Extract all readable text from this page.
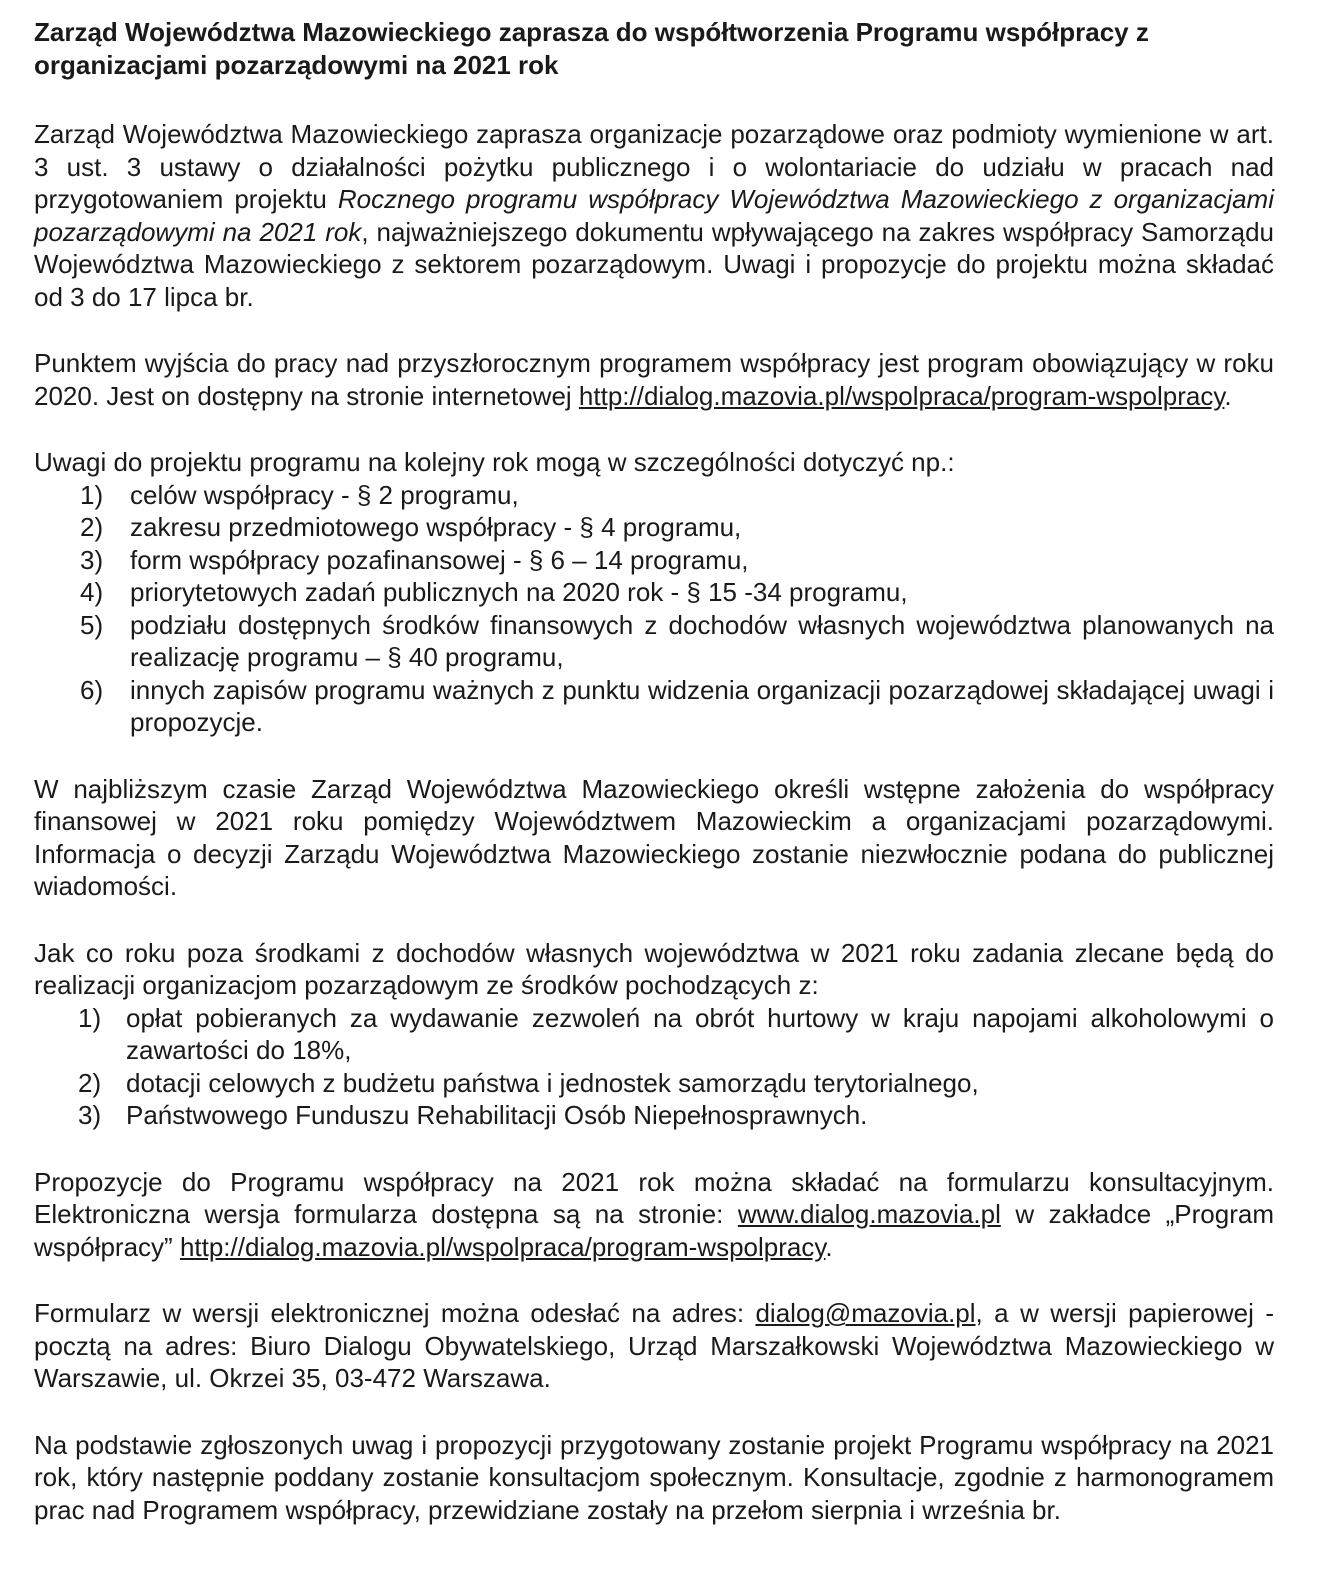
Zarząd Województwa Mazowieckiego zaprasza do współtworzenia Programu współpracy z organizacjami pozarządowymi na 2021 rok

Zarząd Województwa Mazowieckiego zaprasza organizacje pozarządowe oraz podmioty wymienione w art. 3 ust. 3 ustawy o działalności pożytku publicznego i o wolontariacie do udziału w pracach nad przygotowaniem projektu Rocznego programu współpracy Województwa Mazowieckiego z organizacjami pozarządowymi na 2021 rok, najważniejszego dokumentu wpływającego na zakres współpracy Samorządu Województwa Mazowieckiego z sektorem pozarządowym. Uwagi i propozycje do projektu można składać od 3 do 17 lipca br.

Punktem wyjścia do pracy nad przyszłorocznym programem współpracy jest program obowiązujący w roku 2020. Jest on dostępny na stronie internetowej http://dialog.mazovia.pl/wspolpraca/program-wspolpracy.

Uwagi do projektu programu na kolejny rok mogą w szczególności dotyczyć np.:

1) celów współpracy - § 2 programu,
2) zakresu przedmiotowego współpracy - § 4 programu,
3) form współpracy pozafinansowej - § 6 – 14 programu,
4) priorytetowych zadań publicznych na 2020 rok - § 15 -34 programu,
5) podziału dostępnych środków finansowych z dochodów własnych województwa planowanych na realizację programu – § 40 programu,
6) innych zapisów programu ważnych z punktu widzenia organizacji pozarządowej składającej uwagi i propozycje.

W najbliższym czasie Zarząd Województwa Mazowieckiego określi wstępne założenia do współpracy finansowej w 2021 roku pomiędzy Województwem Mazowieckim a organizacjami pozarządowymi. Informacja o decyzji Zarządu Województwa Mazowieckiego zostanie niezwłocznie podana do publicznej wiadomości.

Jak co roku poza środkami z dochodów własnych województwa w 2021 roku zadania zlecane będą do realizacji organizacjom pozarządowym ze środków pochodzących z:

1) opłat pobieranych za wydawanie zezwoleń na obrót hurtowy w kraju napojami alkoholowymi o zawartości do 18%,
2) dotacji celowych z budżetu państwa i jednostek samorządu terytorialnego,
3) Państwowego Funduszu Rehabilitacji Osób Niepełnosprawnych.

Propozycje do Programu współpracy na 2021 rok można składać na formularzu konsultacyjnym. Elektroniczna wersja formularza dostępna są na stronie: www.dialog.mazovia.pl w zakładce „Program współpracy” http://dialog.mazovia.pl/wspolpraca/program-wspolpracy.

Formularz w wersji elektronicznej można odesłać na adres: dialog@mazovia.pl, a w wersji papierowej - pocztą na adres: Biuro Dialogu Obywatelskiego, Urząd Marszałkowski Województwa Mazowieckiego w Warszawie, ul. Okrzei 35, 03-472 Warszawa.

Na podstawie zgłoszonych uwag i propozycji przygotowany zostanie projekt Programu współpracy na 2021 rok, który następnie poddany zostanie konsultacjom społecznym. Konsultacje, zgodnie z harmonogramem prac nad Programem współpracy, przewidziane zostały na przełom sierpnia i września br.
